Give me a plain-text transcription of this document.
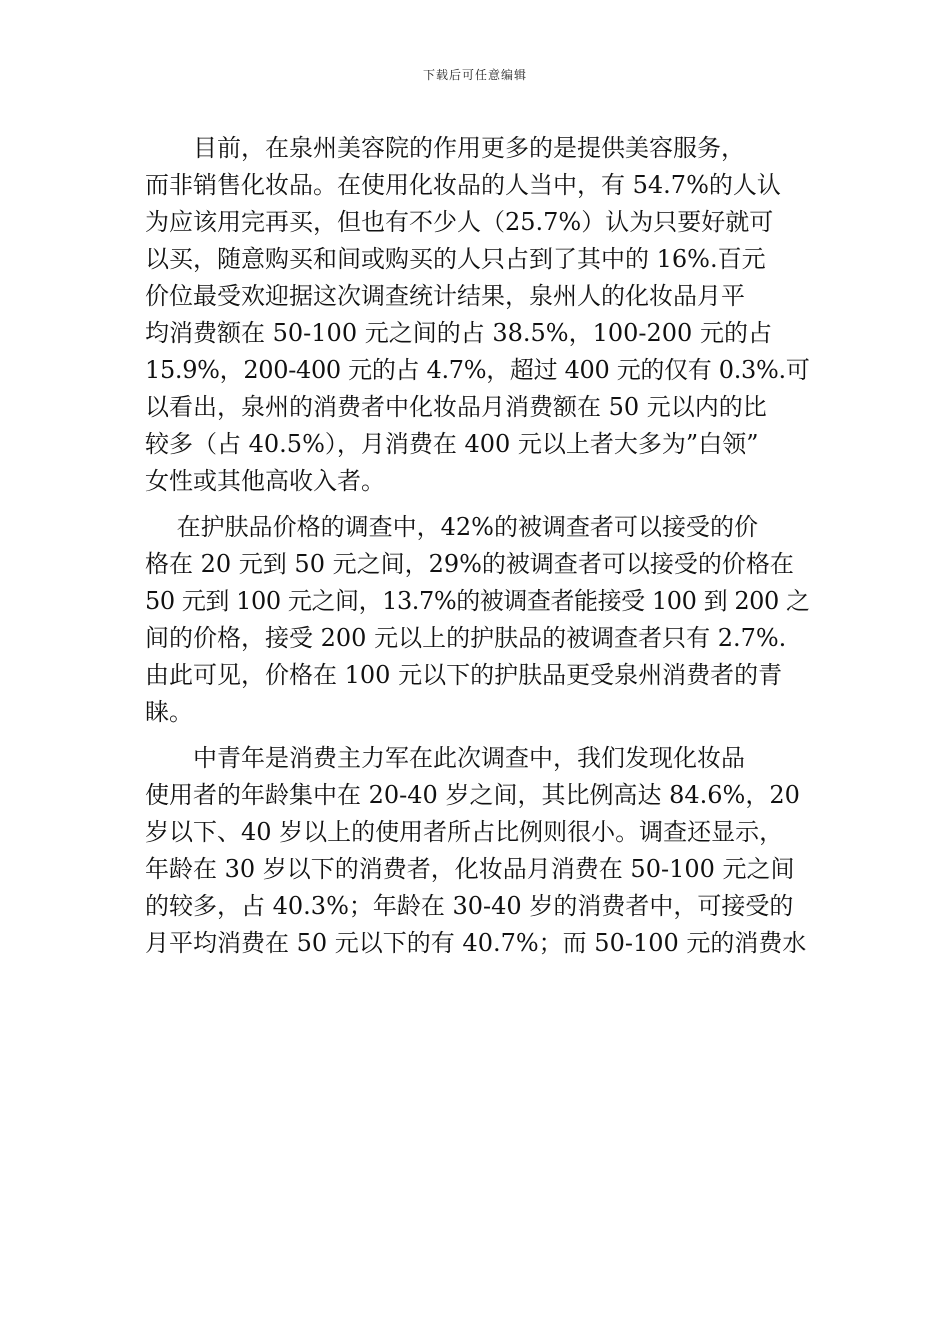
下载后可任意编辑

　　目前，在泉州美容院的作用更多的是提供美容服务，
而非销售化妆品。在使用化妆品的人当中，有 54.7%的人认
为应该用完再买，但也有不少人（25.7%）认为只要好就可
以买，随意购买和间或购买的人只占到了其中的 16%.百元
价位最受欢迎据这次调查统计结果，泉州人的化妆品月平
均消费额在 50-100 元之间的占 38.5%，100-200 元的占
15.9%，200-400 元的占 4.7%，超过 400 元的仅有 0.3%.可
以看出，泉州的消费者中化妆品月消费额在 50 元以内的比
较多（占 40.5%），月消费在 400 元以上者大多为”白领”
女性或其他高收入者。

　 在护肤品价格的调查中，42%的被调查者可以接受的价
格在 20 元到 50 元之间，29%的被调查者可以接受的价格在
50 元到 100 元之间，13.7%的被调查者能接受 100 到 200 之
间的价格，接受 200 元以上的护肤品的被调查者只有 2.7%.
由此可见，价格在 100 元以下的护肤品更受泉州消费者的青
睐。

　　中青年是消费主力军在此次调查中，我们发现化妆品
使用者的年龄集中在 20-40 岁之间，其比例高达 84.6%，20
岁以下、40 岁以上的使用者所占比例则很小。调查还显示，
年龄在 30 岁以下的消费者，化妆品月消费在 50-100 元之间
的较多，占 40.3%；年龄在 30-40 岁的消费者中，可接受的
月平均消费在 50 元以下的有 40.7%；而 50-100 元的消费水
